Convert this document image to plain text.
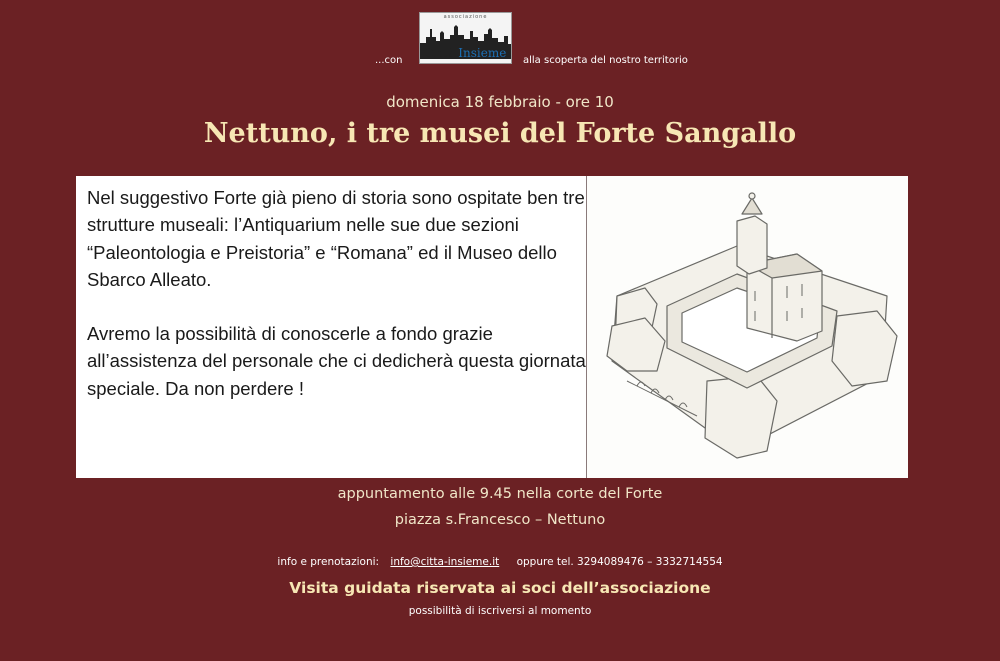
...con
associazione
Città Insieme
alla scoperta del nostro territorio
domenica 18 febbraio - ore 10
Nettuno, i tre musei del Forte Sangallo

Nel suggestivo Forte già pieno di storia sono ospitate ben tre strutture museali: l’Antiquarium nelle sue due sezioni “Paleontologia e Preistoria” e “Romana” ed il Museo dello Sbarco Alleato.

Avremo la possibilità di conoscerle a fondo grazie all’assistenza del personale che ci dedicherà questa giornata speciale. Da non perdere !

appuntamento alle 9.45 nella corte del Forte
piazza s.Francesco – Nettuno
info e prenotazioni: info@citta-insieme.it oppure tel. 3294089476 – 3332714554
Visita guidata riservata ai soci dell’associazione
possibilità di iscriversi al momento
